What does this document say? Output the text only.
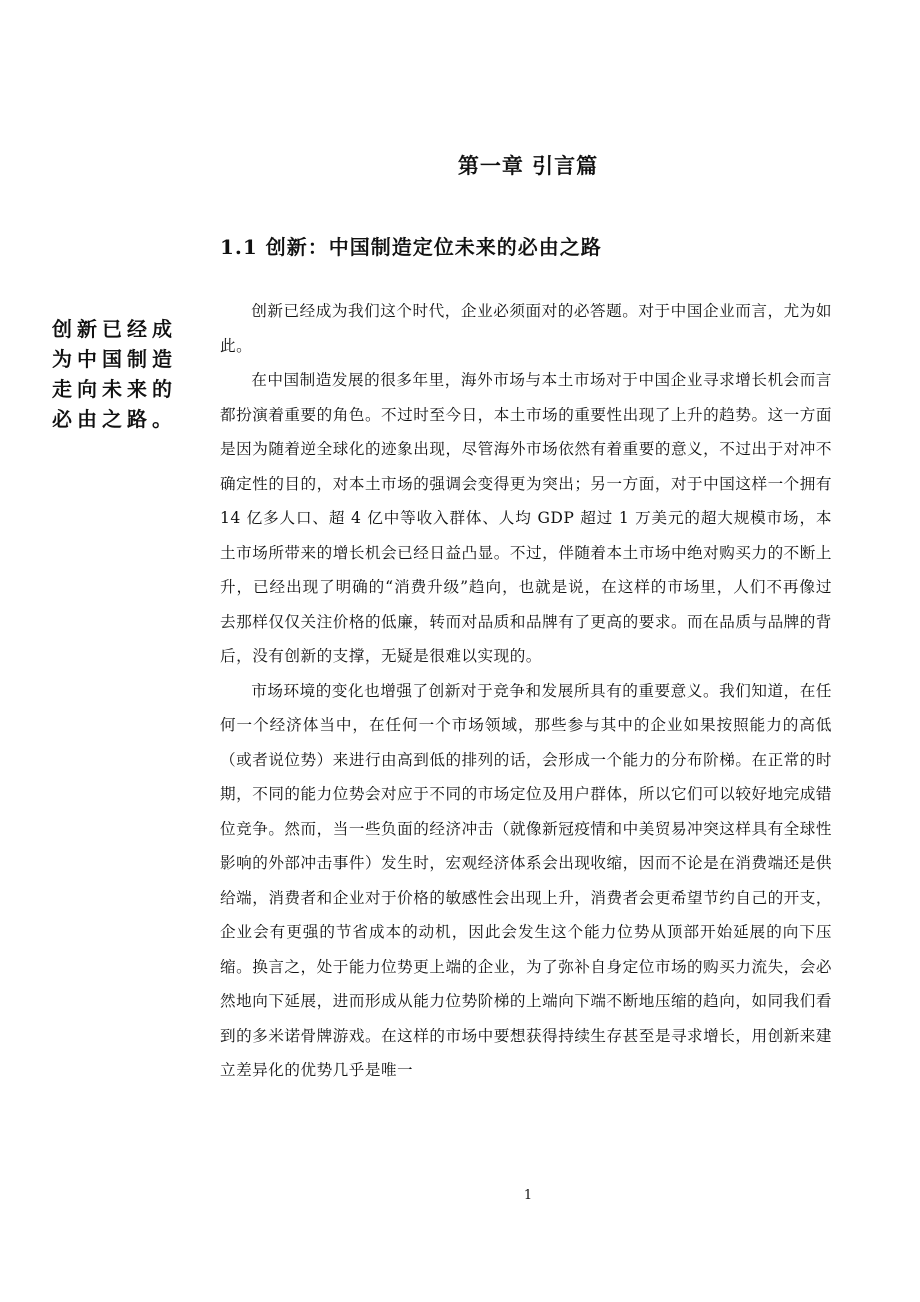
第一章 引言篇
1.1 创新：中国制造定位未来的必由之路
创新已经成为中国制造走向未来的必由之路。

创新已经成为我们这个时代，企业必须面对的必答题。对于中国企业而言，尤为如此。

在中国制造发展的很多年里，海外市场与本土市场对于中国企业寻求增长机会而言都扮演着重要的角色。不过时至今日，本土市场的重要性出现了上升的趋势。这一方面是因为随着逆全球化的迹象出现，尽管海外市场依然有着重要的意义，不过出于对冲不确定性的目的，对本土市场的强调会变得更为突出；另一方面，对于中国这样一个拥有 14 亿多人口、超 4 亿中等收入群体、人均 GDP 超过 1 万美元的超大规模市场，本土市场所带来的增长机会已经日益凸显。不过，伴随着本土市场中绝对购买力的不断上升，已经出现了明确的“消费升级”趋向，也就是说，在这样的市场里，人们不再像过去那样仅仅关注价格的低廉，转而对品质和品牌有了更高的要求。而在品质与品牌的背后，没有创新的支撑，无疑是很难以实现的。

市场环境的变化也增强了创新对于竞争和发展所具有的重要意义。我们知道，在任何一个经济体当中，在任何一个市场领域，那些参与其中的企业如果按照能力的高低（或者说位势）来进行由高到低的排列的话，会形成一个能力的分布阶梯。在正常的时期，不同的能力位势会对应于不同的市场定位及用户群体，所以它们可以较好地完成错位竞争。然而，当一些负面的经济冲击（就像新冠疫情和中美贸易冲突这样具有全球性影响的外部冲击事件）发生时，宏观经济体系会出现收缩，因而不论是在消费端还是供给端，消费者和企业对于价格的敏感性会出现上升，消费者会更希望节约自己的开支，企业会有更强的节省成本的动机，因此会发生这个能力位势从顶部开始延展的向下压缩。换言之，处于能力位势更上端的企业，为了弥补自身定位市场的购买力流失，会必然地向下延展，进而形成从能力位势阶梯的上端向下端不断地压缩的趋向，如同我们看到的多米诺骨牌游戏。在这样的市场中要想获得持续生存甚至是寻求增长，用创新来建立差异化的优势几乎是唯一

1
